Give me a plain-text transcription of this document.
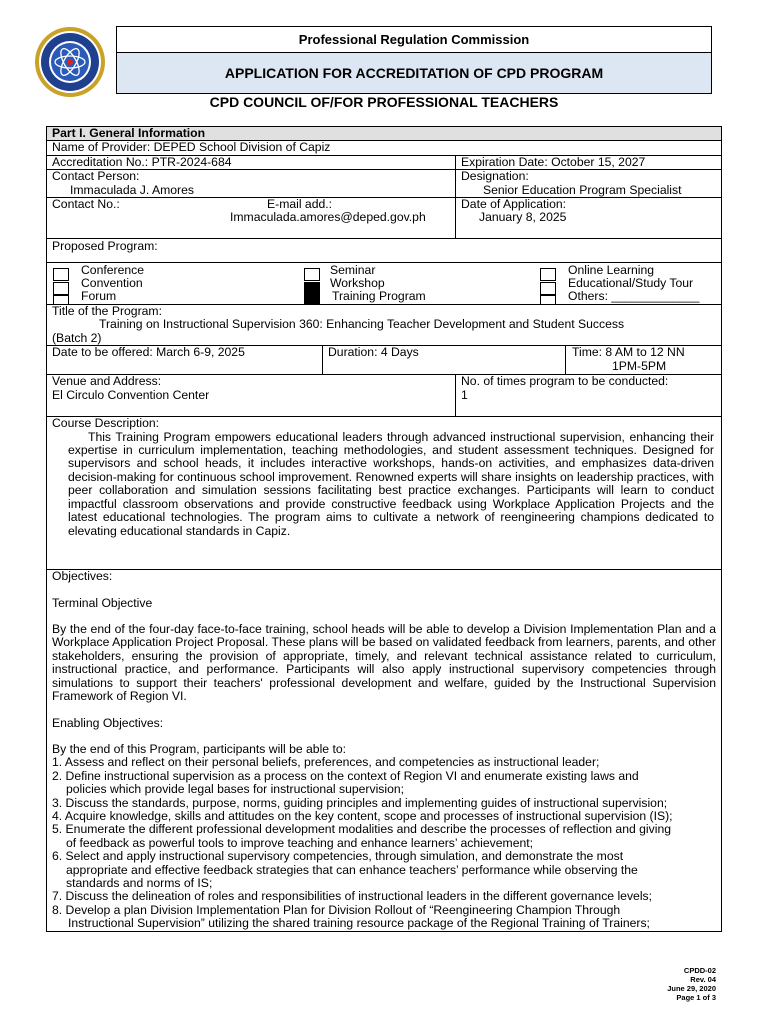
Professional Regulation Commission
APPLICATION FOR ACCREDITATION OF CPD PROGRAM
CPD COUNCIL OF/FOR PROFESSIONAL TEACHERS
Part I. General Information
Name of Provider: DEPED School Division of Capiz
Accreditation No.: PTR-2024-684	Expiration Date: October 15, 2027
Contact Person:
Immaculada J. Amores
Designation:
Senior Education Program Specialist
Contact No.:	E-mail add.:
Immaculada.amores@deped.gov.ph
Date of Application:
January 8, 2025
Proposed Program:
Conference
Convention
Forum
Seminar
Workshop
Training Program
Online Learning
Educational/Study Tour
Others: _____________
Title of the Program:
Training on Instructional Supervision 360: Enhancing Teacher Development and Student Success
(Batch 2)
Date to be offered: March 6-9, 2025	Duration: 4 Days	Time: 8 AM to 12 NN
1PM-5PM
Venue and Address:
El Circulo Convention Center
No. of times program to be conducted:
1
Course Description:
This Training Program empowers educational leaders through advanced instructional supervision, enhancing their expertise in curriculum implementation, teaching methodologies, and student assessment techniques. Designed for supervisors and school heads, it includes interactive workshops, hands-on activities, and emphasizes data-driven decision-making for continuous school improvement. Renowned experts will share insights on leadership practices, with peer collaboration and simulation sessions facilitating best practice exchanges. Participants will learn to conduct impactful classroom observations and provide constructive feedback using Workplace Application Projects and the latest educational technologies. The program aims to cultivate a network of reengineering champions dedicated to elevating educational standards in Capiz.
Objectives:
Terminal Objective
By the end of the four-day face-to-face training, school heads will be able to develop a Division Implementation Plan and a Workplace Application Project Proposal. These plans will be based on validated feedback from learners, parents, and other stakeholders, ensuring the provision of appropriate, timely, and relevant technical assistance related to curriculum, instructional practice, and performance. Participants will also apply instructional supervisory competencies through simulations to support their teachers' professional development and welfare, guided by the Instructional Supervision Framework of Region VI.
Enabling Objectives:
By the end of this Program, participants will be able to:

1. Assess and reflect on their personal beliefs, preferences, and competencies as instructional leader;

2. Define instructional supervision as a process on the context of Region VI and enumerate existing laws and

policies which provide legal bases for instructional supervision;

3. Discuss the standards, purpose, norms, guiding principles and implementing guides of instructional supervision;

4. Acquire knowledge, skills and attitudes on the key content, scope and processes of instructional supervision (IS);

5. Enumerate the different professional development modalities and describe the processes of reflection and giving

of feedback as powerful tools to improve teaching and enhance learners’ achievement;

6. Select and apply instructional supervisory competencies, through simulation, and demonstrate the most

appropriate and effective feedback strategies that can enhance teachers’ performance while observing the

standards and norms of IS;

7. Discuss the delineation of roles and responsibilities of instructional leaders in the different governance levels;

8. Develop a plan Division Implementation Plan for Division Rollout of “Reengineering Champion Through

Instructional Supervision” utilizing the shared training resource package of the Regional Training of Trainers;

CPDD-02
Rev. 04
June 29, 2020
Page 1 of 3
